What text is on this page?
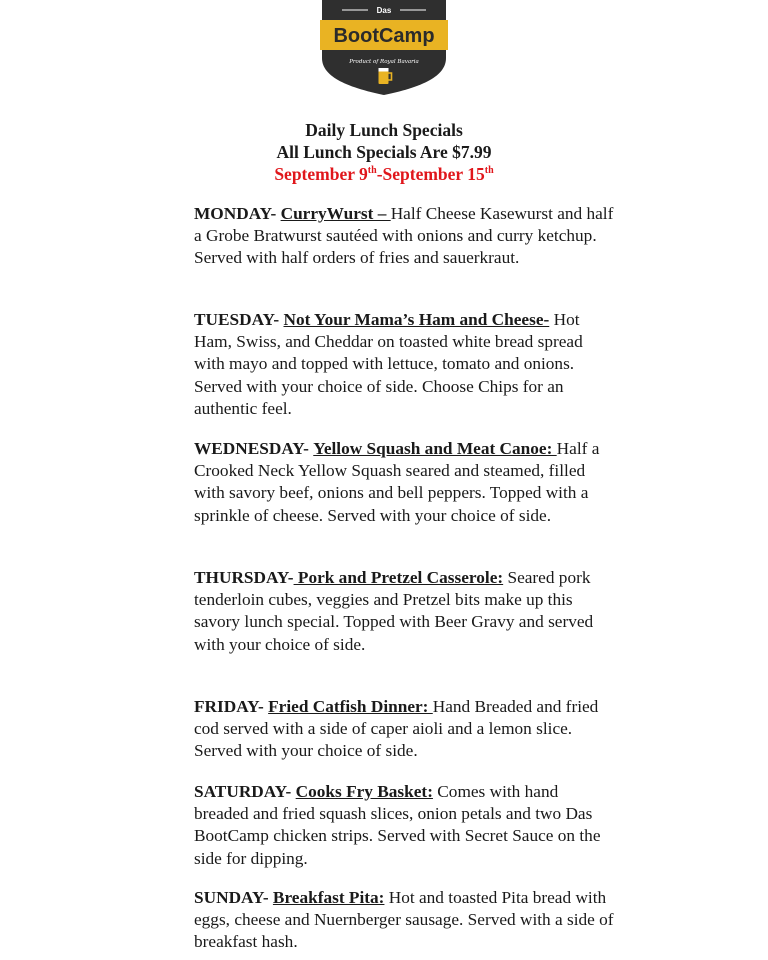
Das
BootCamp
Product of Royal Bavaria
Daily Lunch Specials
All Lunch Specials Are $7.99
September 9th-September 15th
MONDAY- CurryWurst – Half Cheese Kasewurst and half a Grobe Bratwurst sautéed with onions and curry ketchup. Served with half orders of fries and sauerkraut.
TUESDAY- Not Your Mama’s Ham and Cheese- Hot Ham, Swiss, and Cheddar on toasted white bread spread with mayo and topped with lettuce, tomato and onions. Served with your choice of side. Choose Chips for an authentic feel.
WEDNESDAY- Yellow Squash and Meat Canoe: Half a Crooked Neck Yellow Squash seared and steamed, filled with savory beef, onions and bell peppers. Topped with a sprinkle of cheese. Served with your choice of side.
THURSDAY- Pork and Pretzel Casserole: Seared pork tenderloin cubes, veggies and Pretzel bits make up this savory lunch special. Topped with Beer Gravy and served with your choice of side.
FRIDAY- Fried Catfish Dinner: Hand Breaded and fried cod served with a side of caper aioli and a lemon slice. Served with your choice of side.
SATURDAY- Cooks Fry Basket: Comes with hand breaded and fried squash slices, onion petals and two Das BootCamp chicken strips. Served with Secret Sauce on the side for dipping.
SUNDAY- Breakfast Pita: Hot and toasted Pita bread with eggs, cheese and Nuernberger sausage. Served with a side of breakfast hash.
